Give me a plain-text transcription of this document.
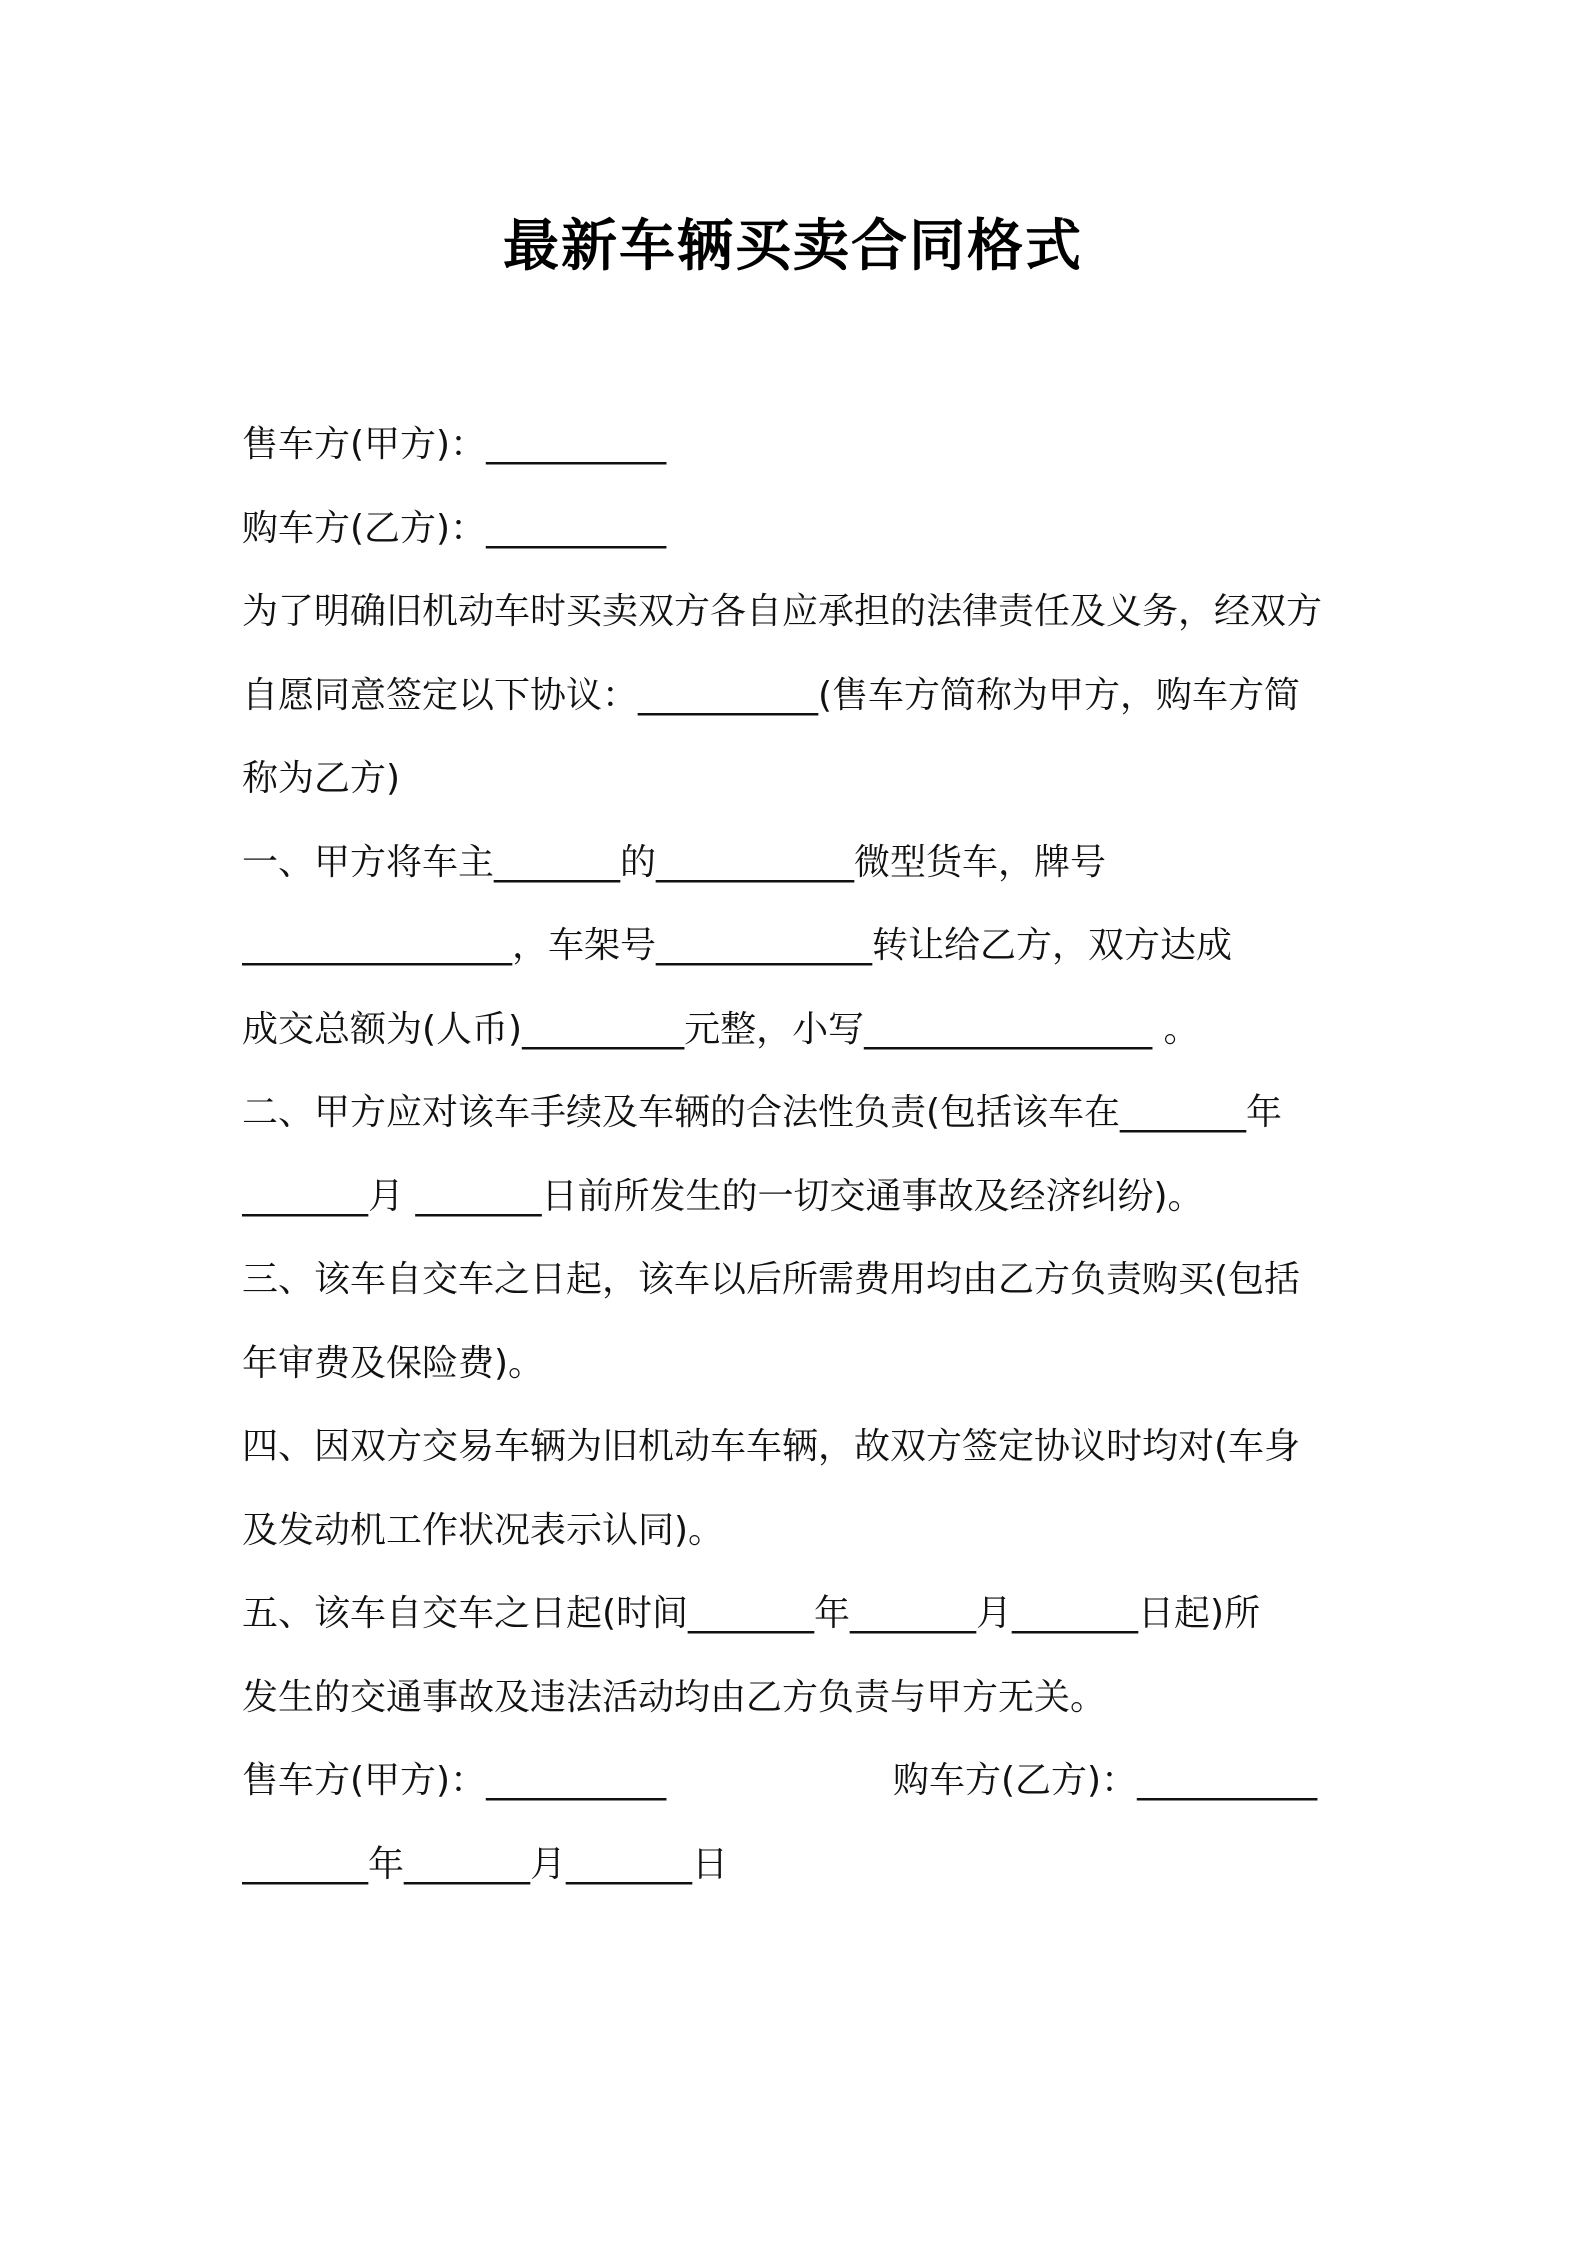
最新车辆买卖合同格式
售车方(甲方)：__________
购车方(乙方)：__________
为了明确旧机动车时买卖双方各自应承担的法律责任及义务，经双方
自愿同意签定以下协议：__________(售车方简称为甲方，购车方简
称为乙方)
一、甲方将车主_______的___________微型货车，牌号
_______________，车架号____________转让给乙方，双方达成
成交总额为(人币)_________元整，小写________________ 。
二、甲方应对该车手续及车辆的合法性负责(包括该车在_______年
_______月 _______日前所发生的一切交通事故及经济纠纷)。
三、该车自交车之日起，该车以后所需费用均由乙方负责购买(包括
年审费及保险费)。
四、因双方交易车辆为旧机动车车辆，故双方签定协议时均对(车身
及发动机工作状况表示认同)。
五、该车自交车之日起(时间_______年_______月_______日起)所
发生的交通事故及违法活动均由乙方负责与甲方无关。
售车方(甲方)：__________	购车方(乙方)：__________
_______年_______月_______日
